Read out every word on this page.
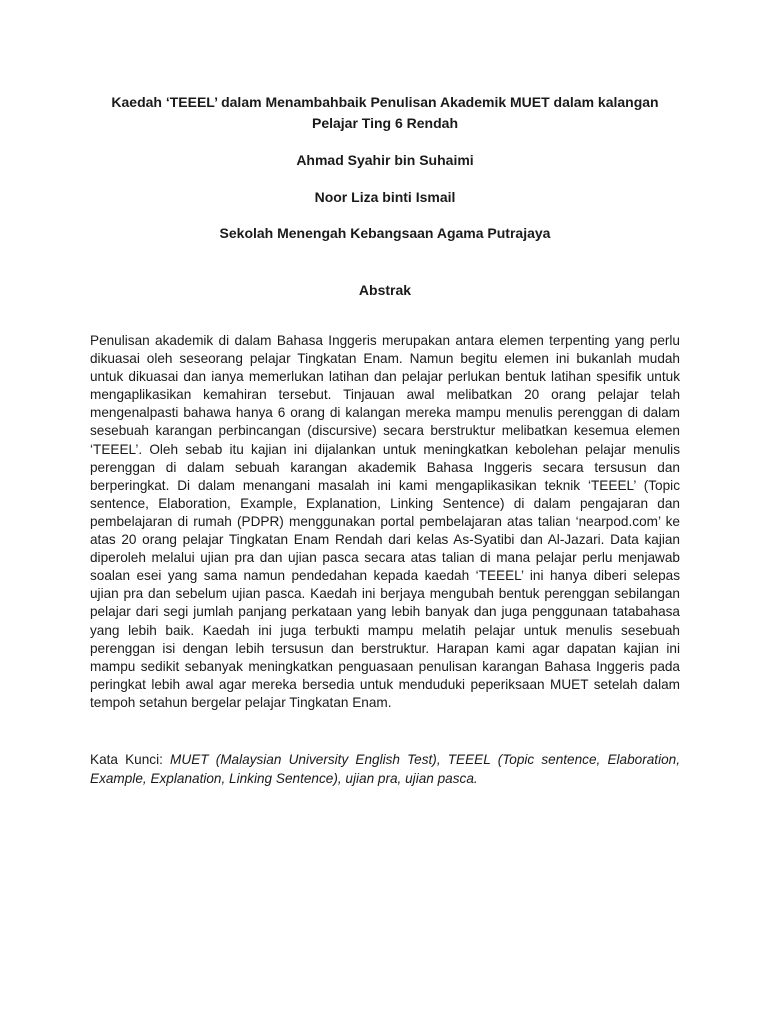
Kaedah ‘TEEEL’ dalam Menambahbaik Penulisan Akademik MUET dalam kalangan
Pelajar Ting 6 Rendah

Ahmad Syahir bin Suhaimi

Noor Liza binti Ismail

Sekolah Menengah Kebangsaan Agama Putrajaya

Abstrak

Penulisan akademik di dalam Bahasa Inggeris merupakan antara elemen terpenting yang perlu
dikuasai oleh seseorang pelajar Tingkatan Enam. Namun begitu elemen ini bukanlah mudah
untuk dikuasai dan ianya memerlukan latihan dan pelajar perlukan bentuk latihan spesifik untuk
mengaplikasikan kemahiran tersebut. Tinjauan awal melibatkan 20 orang pelajar telah
mengenalpasti bahawa hanya 6 orang di kalangan mereka mampu menulis perenggan di dalam
sesebuah karangan perbincangan (discursive) secara berstruktur melibatkan kesemua elemen
‘TEEEL’. Oleh sebab itu kajian ini dijalankan untuk meningkatkan kebolehan pelajar menulis
perenggan di dalam sebuah karangan akademik Bahasa Inggeris secara tersusun dan
berperingkat. Di dalam menangani masalah ini kami mengaplikasikan teknik ‘TEEEL’ (Topic
sentence, Elaboration, Example, Explanation, Linking Sentence) di dalam pengajaran dan
pembelajaran di rumah (PDPR) menggunakan portal pembelajaran atas talian ‘nearpod.com’ ke
atas 20 orang pelajar Tingkatan Enam Rendah dari kelas As-Syatibi dan Al-Jazari. Data kajian
diperoleh melalui ujian pra dan ujian pasca secara atas talian di mana pelajar perlu menjawab
soalan esei yang sama namun pendedahan kepada kaedah ‘TEEEL’ ini hanya diberi selepas
ujian pra dan sebelum ujian pasca. Kaedah ini berjaya mengubah bentuk perenggan sebilangan
pelajar dari segi jumlah panjang perkataan yang lebih banyak dan juga penggunaan tatabahasa
yang lebih baik. Kaedah ini juga terbukti mampu melatih pelajar untuk menulis sesebuah
perenggan isi dengan lebih tersusun dan berstruktur. Harapan kami agar dapatan kajian ini
mampu sedikit sebanyak meningkatkan penguasaan penulisan karangan Bahasa Inggeris pada
peringkat lebih awal agar mereka bersedia untuk menduduki peperiksaan MUET setelah dalam
tempoh setahun bergelar pelajar Tingkatan Enam.
Kata Kunci: MUET (Malaysian University English Test), TEEEL (Topic sentence, Elaboration,
Example, Explanation, Linking Sentence), ujian pra, ujian pasca.
